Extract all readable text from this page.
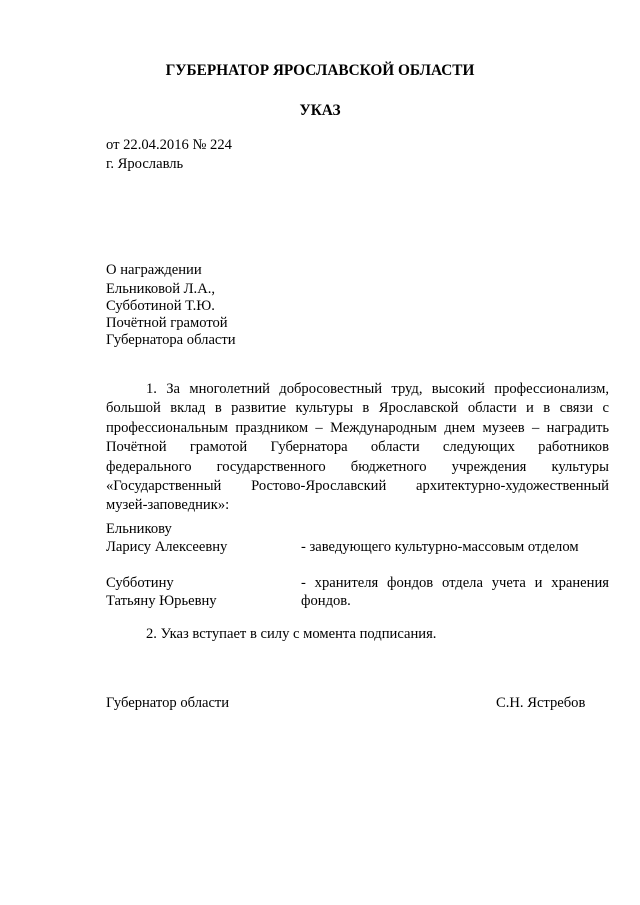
ГУБЕРНАТОР ЯРОСЛАВСКОЙ ОБЛАСТИ
УКАЗ
от 22.04.2016 № 224
г. Ярославль
О награждении
Ельниковой Л.А.,
Субботиной Т.Ю.
Почётной грамотой
Губернатора области
1. За многолетний добросовестный труд, высокий профессионализм,
большой вклад в развитие культуры в Ярославской области и в связи с
профессиональным праздником – Международным днем музеев – наградить
Почётной грамотой Губернатора области следующих работников
федерального государственного бюджетного учреждения культуры
«Государственный Ростово-Ярославский архитектурно-художественный
музей-заповедник»:
Ельникову
Ларису Алексеевну	- заведующего культурно-массовым отделом
Субботину
Татьяну Юрьевну
- хранителя фондов отдела учета и хранения
фондов.
2. Указ вступает в силу с момента подписания.
Губернатор области	С.Н. Ястребов
